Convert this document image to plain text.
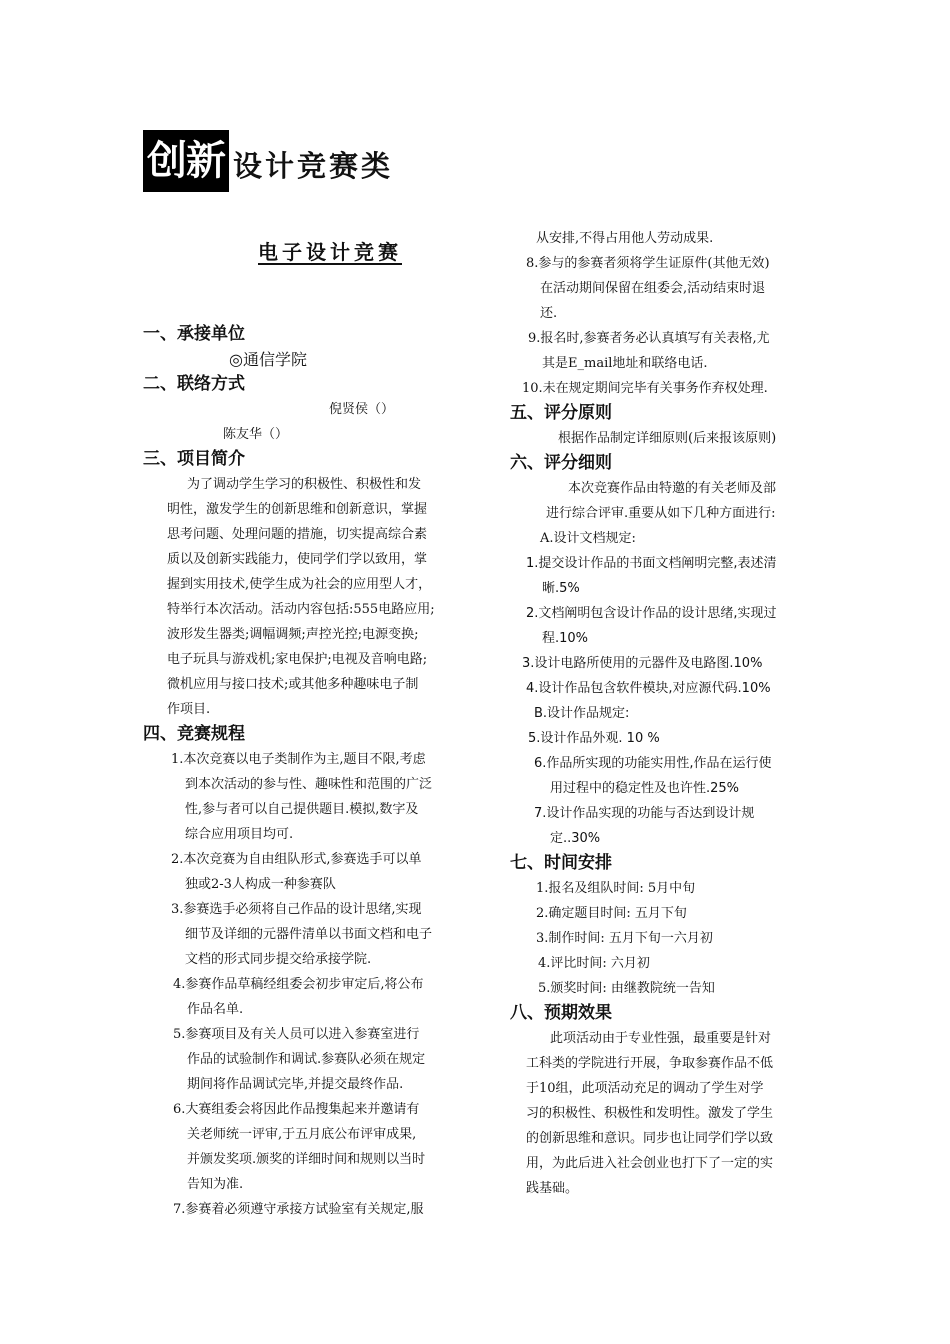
创新 设计竞赛类
电子设计竞赛
一、承接单位
◎通信学院
二、联络方式
倪贤侯（）
陈友华（）
三、项目简介
为了调动学生学习的积极性、积极性和发
明性，激发学生的创新思维和创新意识，掌握
思考问题、处理问题的措施，切实提高综合素
质以及创新实践能力，使同学们学以致用，掌
握到实用技术,使学生成为社会的应用型人才，
特举行本次活动。活动内容包括:555电路应用;
波形发生器类;调幅调频;声控光控;电源变换;
电子玩具与游戏机;家电保护;电视及音响电路;
微机应用与接口技术;或其他多种趣味电子制
作项目.
四、竞赛规程
1.本次竞赛以电子类制作为主,题目不限,考虑
到本次活动的参与性、趣味性和范围的广泛
性,参与者可以自己提供题目.模拟,数字及
综合应用项目均可.
2.本次竞赛为自由组队形式,参赛选手可以单
独或2-3人构成一种参赛队
3.参赛选手必须将自己作品的设计思绪,实现
细节及详细的元器件清单以书面文档和电子
文档的形式同步提交给承接学院.
4.参赛作品草稿经组委会初步审定后,将公布
作品名单.
5.参赛项目及有关人员可以进入参赛室进行
作品的试验制作和调试.参赛队必须在规定
期间将作品调试完毕,并提交最终作品.
6.大赛组委会将因此作品搜集起来并邀请有
关老师统一评审,于五月底公布评审成果,
并颁发奖项.颁奖的详细时间和规则以当时
告知为准.
7.参赛着必须遵守承接方试验室有关规定,服
从安排,不得占用他人劳动成果.
8.参与的参赛者须将学生证原件(其他无效)
在活动期间保留在组委会,活动结束时退
还.
9.报名时,参赛者务必认真填写有关表格,尤
其是E_mail地址和联络电话.
10.未在规定期间完毕有关事务作弃权处理.
五、评分原则
根据作品制定详细原则(后来报该原则)
六、评分细则
本次竞赛作品由特邀的有关老师及部
进行综合评审.重要从如下几种方面进行:
A.设计文档规定:
1.提交设计作品的书面文档阐明完整,表述清
晰.5%
2.文档阐明包含设计作品的设计思绪,实现过
程.10%
3.设计电路所使用的元器件及电路图.10%
4.设计作品包含软件模块,对应源代码.10%
B.设计作品规定:
5.设计作品外观. 10 %
6.作品所实现的功能实用性,作品在运行使
用过程中的稳定性及也许性.25%
7.设计作品实现的功能与否达到设计规
定..30%
七、时间安排
1.报名及组队时间: 5月中旬
2.确定题目时间: 五月下旬
3.制作时间: 五月下旬一六月初
4.评比时间: 六月初
5.颁奖时间: 由继教院统一告知
八、预期效果
此项活动由于专业性强，最重要是针对
工科类的学院进行开展，争取参赛作品不低
于10组，此项活动充足的调动了学生对学
习的积极性、积极性和发明性。激发了学生
的创新思维和意识。同步也让同学们学以致
用，为此后进入社会创业也打下了一定的实
践基础。
